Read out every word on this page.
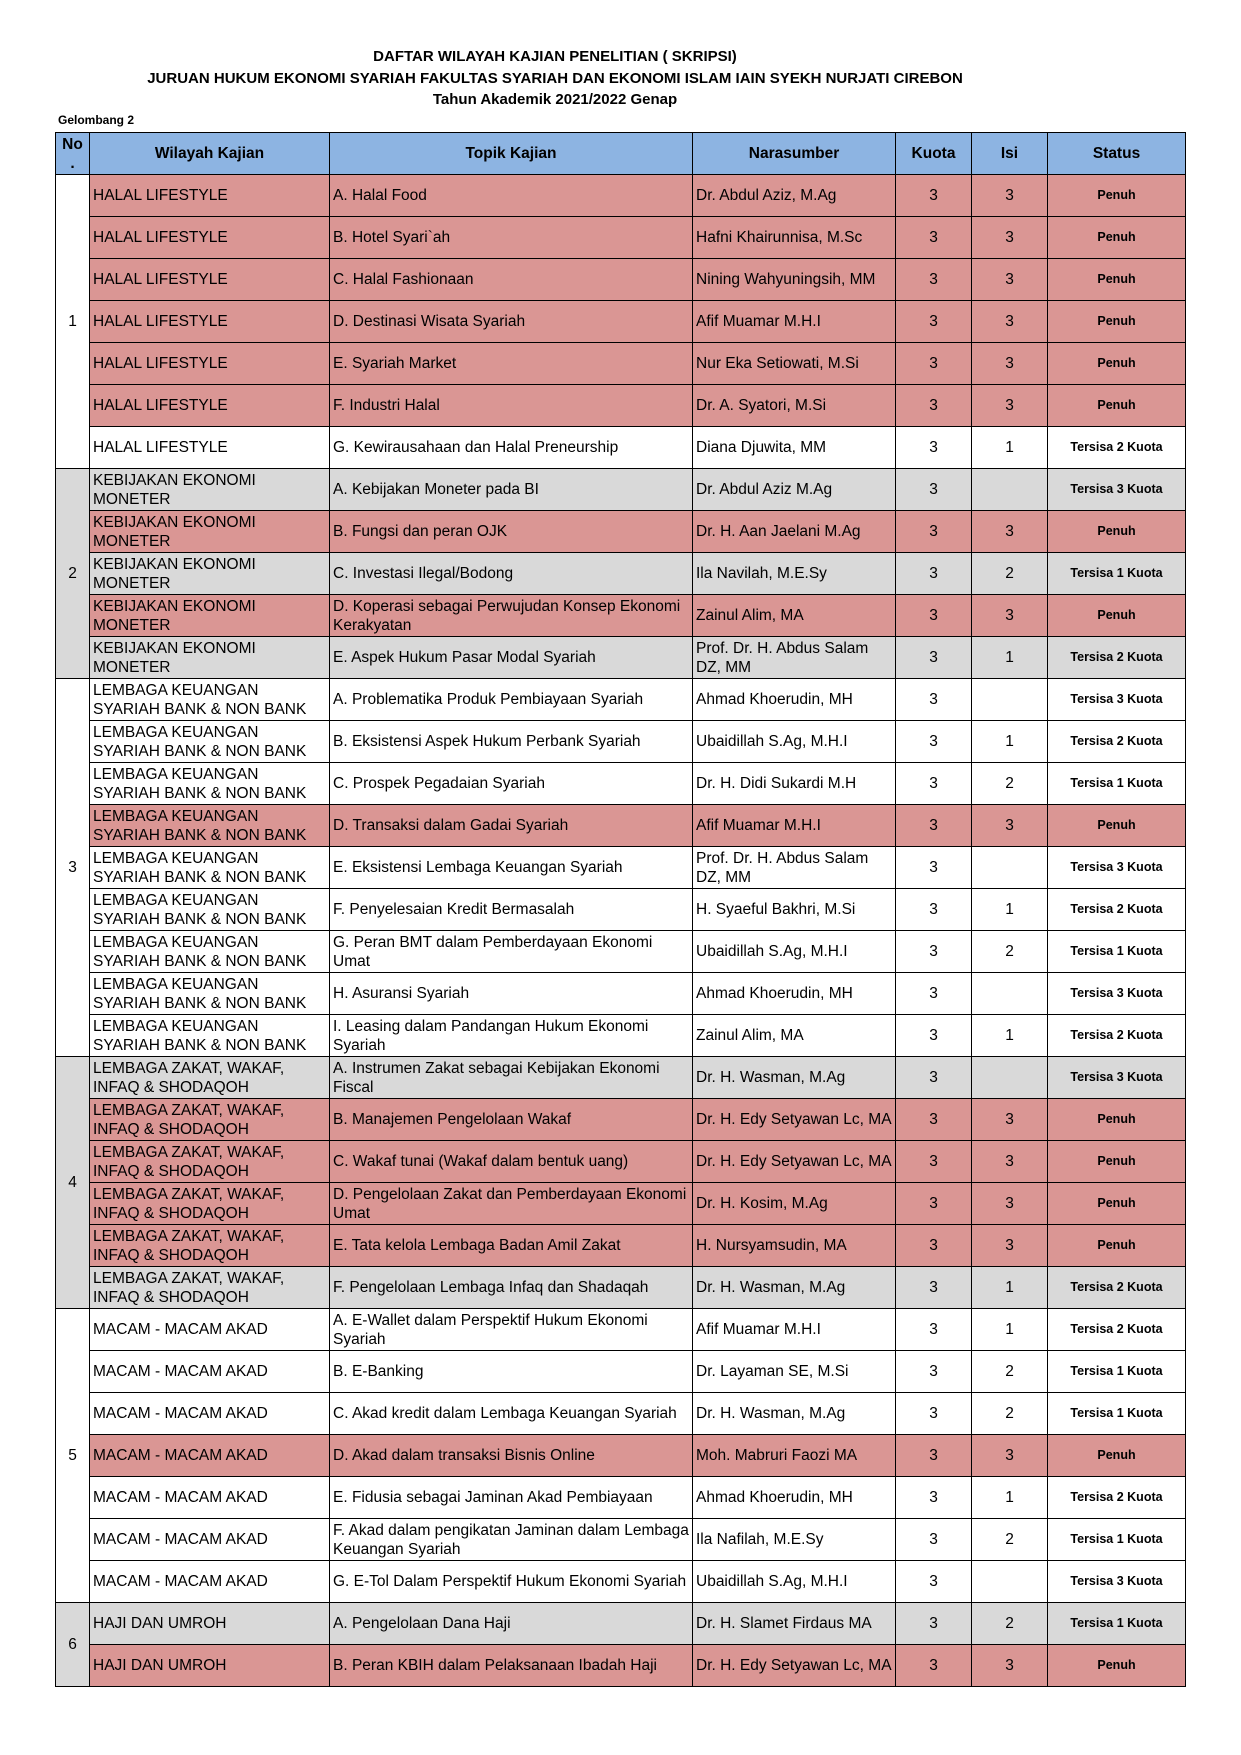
DAFTAR WILAYAH KAJIAN PENELITIAN ( SKRIPSI)
JURUAN HUKUM EKONOMI SYARIAH FAKULTAS SYARIAH DAN EKONOMI ISLAM IAIN SYEKH NURJATI CIREBON
Tahun Akademik 2021/2022 Genap
Gelombang 2
No .	Wilayah Kajian	Topik Kajian	Narasumber	Kuota	Isi	Status
1	HALAL LIFESTYLE	A. Halal Food	Dr. Abdul Aziz, M.Ag	3	3	Penuh
	HALAL LIFESTYLE	B. Hotel Syari`ah	Hafni Khairunnisa, M.Sc	3	3	Penuh
	HALAL LIFESTYLE	C. Halal Fashionaan	Nining Wahyuningsih, MM	3	3	Penuh
	HALAL LIFESTYLE	D. Destinasi Wisata Syariah	Afif Muamar M.H.I	3	3	Penuh
	HALAL LIFESTYLE	E. Syariah Market	Nur Eka Setiowati, M.Si	3	3	Penuh
	HALAL LIFESTYLE	F. Industri Halal	Dr. A. Syatori, M.Si	3	3	Penuh
	HALAL LIFESTYLE	G. Kewirausahaan dan Halal Preneurship	Diana Djuwita, MM	3	1	Tersisa 2 Kuota
2	KEBIJAKAN EKONOMI MONETER	A. Kebijakan Moneter pada BI	Dr. Abdul Aziz M.Ag	3		Tersisa 3 Kuota
	KEBIJAKAN EKONOMI MONETER	B. Fungsi dan peran OJK	Dr. H. Aan Jaelani M.Ag	3	3	Penuh
	KEBIJAKAN EKONOMI MONETER	C. Investasi Ilegal/Bodong	Ila Navilah, M.E.Sy	3	2	Tersisa 1 Kuota
	KEBIJAKAN EKONOMI MONETER	D. Koperasi sebagai Perwujudan Konsep Ekonomi Kerakyatan	Zainul Alim, MA	3	3	Penuh
	KEBIJAKAN EKONOMI MONETER	E. Aspek Hukum Pasar Modal Syariah	Prof. Dr. H. Abdus Salam DZ, MM	3	1	Tersisa 2 Kuota
3	LEMBAGA KEUANGAN SYARIAH BANK & NON BANK	A. Problematika Produk Pembiayaan Syariah	Ahmad Khoerudin, MH	3		Tersisa 3 Kuota
	LEMBAGA KEUANGAN SYARIAH BANK & NON BANK	B. Eksistensi Aspek Hukum Perbank Syariah	Ubaidillah S.Ag, M.H.I	3	1	Tersisa 2 Kuota
	LEMBAGA KEUANGAN SYARIAH BANK & NON BANK	C. Prospek Pegadaian Syariah	Dr. H. Didi Sukardi M.H	3	2	Tersisa 1 Kuota
	LEMBAGA KEUANGAN SYARIAH BANK & NON BANK	D. Transaksi dalam Gadai Syariah	Afif Muamar M.H.I	3	3	Penuh
	LEMBAGA KEUANGAN SYARIAH BANK & NON BANK	E. Eksistensi Lembaga Keuangan Syariah	Prof. Dr. H. Abdus Salam DZ, MM	3		Tersisa 3 Kuota
	LEMBAGA KEUANGAN SYARIAH BANK & NON BANK	F. Penyelesaian Kredit Bermasalah	H. Syaeful Bakhri, M.Si	3	1	Tersisa 2 Kuota
	LEMBAGA KEUANGAN SYARIAH BANK & NON BANK	G. Peran BMT dalam Pemberdayaan Ekonomi Umat	Ubaidillah S.Ag, M.H.I	3	2	Tersisa 1 Kuota
	LEMBAGA KEUANGAN SYARIAH BANK & NON BANK	H. Asuransi Syariah	Ahmad Khoerudin, MH	3		Tersisa 3 Kuota
	LEMBAGA KEUANGAN SYARIAH BANK & NON BANK	I. Leasing dalam Pandangan Hukum Ekonomi Syariah	Zainul Alim, MA	3	1	Tersisa 2 Kuota
4	LEMBAGA ZAKAT, WAKAF, INFAQ & SHODAQOH	A. Instrumen Zakat sebagai Kebijakan Ekonomi Fiscal	Dr. H. Wasman, M.Ag	3		Tersisa 3 Kuota
	LEMBAGA ZAKAT, WAKAF, INFAQ & SHODAQOH	B. Manajemen Pengelolaan Wakaf	Dr. H. Edy Setyawan Lc, MA	3	3	Penuh
	LEMBAGA ZAKAT, WAKAF, INFAQ & SHODAQOH	C. Wakaf tunai (Wakaf dalam bentuk uang)	Dr. H. Edy Setyawan Lc, MA	3	3	Penuh
	LEMBAGA ZAKAT, WAKAF, INFAQ & SHODAQOH	D. Pengelolaan Zakat dan Pemberdayaan Ekonomi Umat	Dr. H. Kosim, M.Ag	3	3	Penuh
	LEMBAGA ZAKAT, WAKAF, INFAQ & SHODAQOH	E. Tata kelola Lembaga Badan Amil Zakat	H. Nursyamsudin, MA	3	3	Penuh
	LEMBAGA ZAKAT, WAKAF, INFAQ & SHODAQOH	F. Pengelolaan Lembaga Infaq dan Shadaqah	Dr. H. Wasman, M.Ag	3	1	Tersisa 2 Kuota
5	MACAM - MACAM AKAD	A. E-Wallet dalam Perspektif Hukum Ekonomi Syariah	Afif Muamar M.H.I	3	1	Tersisa 2 Kuota
	MACAM - MACAM AKAD	B. E-Banking	Dr. Layaman SE, M.Si	3	2	Tersisa 1 Kuota
	MACAM - MACAM AKAD	C. Akad kredit dalam Lembaga Keuangan Syariah	Dr. H. Wasman, M.Ag	3	2	Tersisa 1 Kuota
	MACAM - MACAM AKAD	D. Akad dalam transaksi Bisnis Online	Moh. Mabruri Faozi MA	3	3	Penuh
	MACAM - MACAM AKAD	E. Fidusia sebagai Jaminan Akad Pembiayaan	Ahmad Khoerudin, MH	3	1	Tersisa 2 Kuota
	MACAM - MACAM AKAD	F. Akad dalam pengikatan Jaminan dalam Lembaga Keuangan Syariah	Ila Nafilah, M.E.Sy	3	2	Tersisa 1 Kuota
	MACAM - MACAM AKAD	G. E-Tol Dalam Perspektif Hukum Ekonomi Syariah	Ubaidillah S.Ag, M.H.I	3		Tersisa 3 Kuota
6	HAJI DAN UMROH	A. Pengelolaan Dana Haji	Dr. H. Slamet Firdaus MA	3	2	Tersisa 1 Kuota
	HAJI DAN UMROH	B. Peran KBIH dalam Pelaksanaan Ibadah Haji	Dr. H. Edy Setyawan Lc, MA	3	3	Penuh
